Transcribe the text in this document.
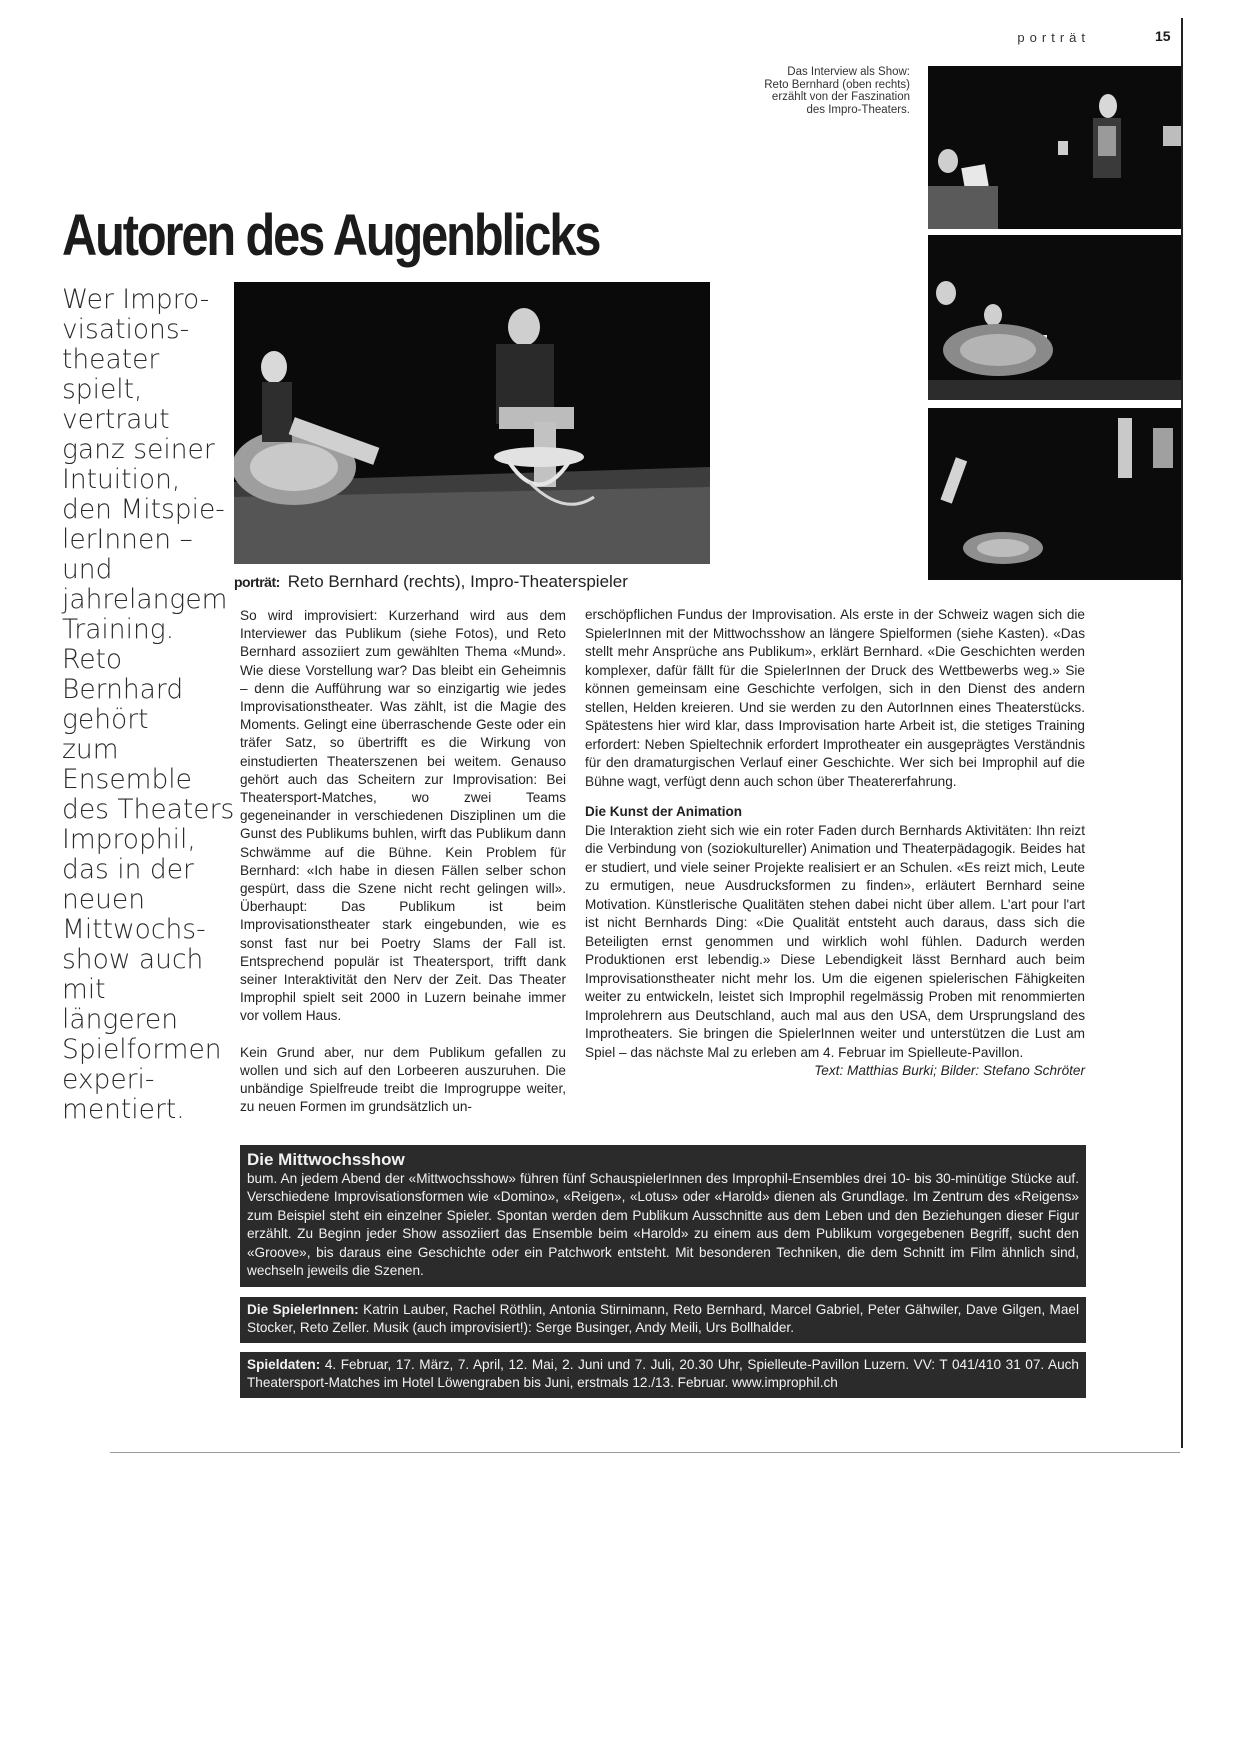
porträt	15
Das Interview als Show: Reto Bernhard (oben rechts) erzählt von der Faszination des Impro-Theaters.
Autoren des Augenblicks

Wer Impro-

visations-

theater

spielt,

vertraut

ganz seiner

Intuition,

den Mitspie-

lerInnen –

und

jahrelangem

Training.

Reto

Bernhard

gehört

zum

Ensemble

des Theaters

Improphil,

das in der

neuen

Mittwochs-

show auch

mit

längeren

Spielformen

experi-

mentiert.

porträt: Reto Bernhard (rechts), Impro-Theaterspieler

So wird improvisiert: Kurzerhand wird aus dem Interviewer das Publikum (siehe Fotos), und Reto Bernhard assoziiert zum gewählten Thema «Mund». Wie diese Vorstellung war? Das bleibt ein Geheimnis – denn die Aufführung war so einzigartig wie jedes Improvisationstheater. Was zählt, ist die Magie des Moments. Gelingt eine überraschende Geste oder ein träfer Satz, so übertrifft es die Wirkung von einstudierten Theaterszenen bei weitem. Genauso gehört auch das Scheitern zur Improvisation: Bei Theatersport-Matches, wo zwei Teams gegeneinander in verschiedenen Disziplinen um die Gunst des Publikums buhlen, wirft das Publikum dann Schwämme auf die Bühne. Kein Problem für Bernhard: «Ich habe in diesen Fällen selber schon gespürt, dass die Szene nicht recht gelingen will». Überhaupt: Das Publikum ist beim Improvisationstheater stark eingebunden, wie es sonst fast nur bei Poetry Slams der Fall ist. Entsprechend populär ist Theatersport, trifft dank seiner Interaktivität den Nerv der Zeit. Das Theater Improphil spielt seit 2000 in Luzern beinahe immer vor vollem Haus.

Kein Grund aber, nur dem Publikum gefallen zu wollen und sich auf den Lorbeeren auszuruhen. Die unbändige Spielfreude treibt die Improgruppe weiter, zu neuen Formen im grundsätzlich un-

erschöpflichen Fundus der Improvisation. Als erste in der Schweiz wagen sich die SpielerInnen mit der Mittwochsshow an längere Spielformen (siehe Kasten). «Das stellt mehr Ansprüche ans Publikum», erklärt Bernhard. «Die Geschichten werden komplexer, dafür fällt für die SpielerInnen der Druck des Wettbewerbs weg.» Sie können gemeinsam eine Geschichte verfolgen, sich in den Dienst des andern stellen, Helden kreieren. Und sie werden zu den AutorInnen eines Theaterstücks. Spätestens hier wird klar, dass Improvisation harte Arbeit ist, die stetiges Training erfordert: Neben Spieltechnik erfordert Improtheater ein ausgeprägtes Verständnis für den dramaturgischen Verlauf einer Geschichte. Wer sich bei Improphil auf die Bühne wagt, verfügt denn auch schon über Theatererfahrung.

Die Kunst der Animation

Die Interaktion zieht sich wie ein roter Faden durch Bernhards Aktivitäten: Ihn reizt die Verbindung von (soziokultureller) Animation und Theaterpädagogik. Beides hat er studiert, und viele seiner Projekte realisiert er an Schulen. «Es reizt mich, Leute zu ermutigen, neue Ausdrucksformen zu finden», erläutert Bernhard seine Motivation. Künstlerische Qualitäten stehen dabei nicht über allem. L'art pour l'art ist nicht Bernhards Ding: «Die Qualität entsteht auch daraus, dass sich die Beteiligten ernst genommen und wirklich wohl fühlen. Dadurch werden Produktionen erst lebendig.» Diese Lebendigkeit lässt Bernhard auch beim Improvisationstheater nicht mehr los. Um die eigenen spielerischen Fähigkeiten weiter zu entwickeln, leistet sich Improphil regelmässig Proben mit renommierten Improlehrern aus Deutschland, auch mal aus den USA, dem Ursprungsland des Improtheaters. Sie bringen die SpielerInnen weiter und unterstützen die Lust am Spiel – das nächste Mal zu erleben am 4. Februar im Spielleute-Pavillon.

Text: Matthias Burki; Bilder: Stefano Schröter
Die Mittwochsshow
bum. An jedem Abend der «Mittwochsshow» führen fünf SchauspielerInnen des Improphil-Ensembles drei 10- bis 30-minütige Stücke auf. Verschiedene Improvisationsformen wie «Domino», «Reigen», «Lotus» oder «Harold» dienen als Grundlage. Im Zentrum des «Reigens» zum Beispiel steht ein einzelner Spieler. Spontan werden dem Publikum Ausschnitte aus dem Leben und den Beziehungen dieser Figur erzählt. Zu Beginn jeder Show assoziiert das Ensemble beim «Harold» zu einem aus dem Publikum vorgegebenen Begriff, sucht den «Groove», bis daraus eine Geschichte oder ein Patchwork entsteht. Mit besonderen Techniken, die dem Schnitt im Film ähnlich sind, wechseln jeweils die Szenen.
Die SpielerInnen: Katrin Lauber, Rachel Röthlin, Antonia Stirnimann, Reto Bernhard, Marcel Gabriel, Peter Gähwiler, Dave Gilgen, Mael Stocker, Reto Zeller. Musik (auch improvisiert!): Serge Businger, Andy Meili, Urs Bollhalder.
Spieldaten: 4. Februar, 17. März, 7. April, 12. Mai, 2. Juni und 7. Juli, 20.30 Uhr, Spielleute-Pavillon Luzern. VV: T 041/410 31 07. Auch Theatersport-Matches im Hotel Löwengraben bis Juni, erstmals 12./13. Februar. www.improphil.ch
